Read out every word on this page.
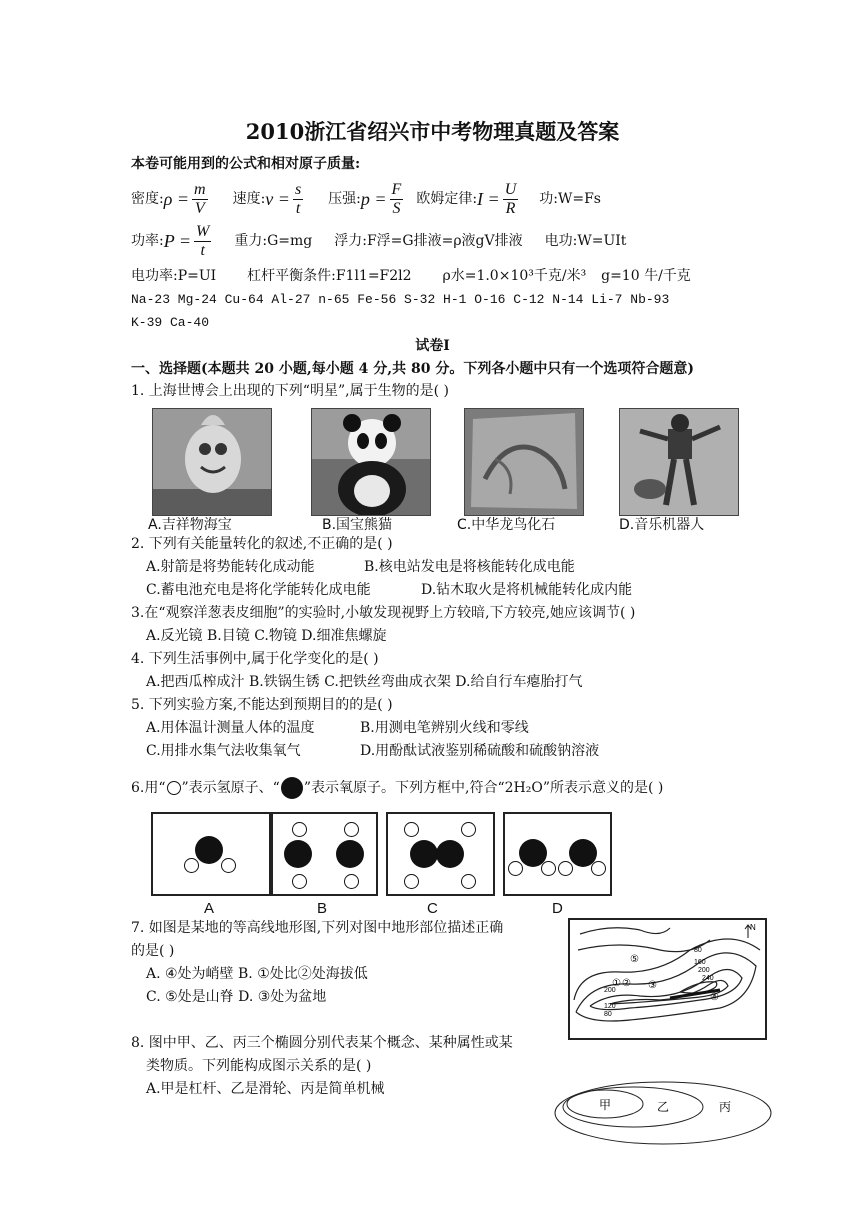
2010浙江省绍兴市中考物理真题及答案
本卷可能用到的公式和相对原子质量:
密度: $\rho = \frac{m}{V}$ 速度: $v = \frac{s}{t}$ 压强: $p = \frac{F}{S}$ 欧姆定律: $I = \frac{U}{R}$ 功:W=Fs
功率: $P = \frac{W}{t}$ 重力:G=mg 浮力:F浮=G排液=ρ液gV排液 电功:W=UIt
电功率:P=UI 杠杆平衡条件:F1l1=F2l2 ρ水=1.0×10³千克/米³ g=10 牛/千克
Na-23 Mg-24 Cu-64 Al-27 n-65 Fe-56 S-32 H-1 O-16 C-12 N-14 Li-7 Nb-93
K-39 Ca-40
试卷Ⅰ
一、选择题(本题共 20 小题,每小题 4 分,共 80 分。下列各小题中只有一个选项符合题意)
1. 上海世博会上出现的下列“明星”,属于生物的是( )
A.吉祥物海宝	B.国宝熊猫	C.中华龙鸟化石	D.音乐机器人
2. 下列有关能量转化的叙述,不正确的是( )
A.射箭是将势能转化成动能	B.核电站发电是将核能转化成电能
C.蓄电池充电是将化学能转化成电能	D.钻木取火是将机械能转化成内能
3.在“观察洋葱表皮细胞”的实验时,小敏发现视野上方较暗,下方较亮,她应该调节( )
A.反光镜 B.目镜 C.物镜 D.细准焦螺旋
4. 下列生活事例中,属于化学变化的是( )
A.把西瓜榨成汁 B.铁锅生锈 C.把铁丝弯曲成衣架 D.给自行车瘪胎打气
5. 下列实验方案,不能达到预期目的的是( )
A.用体温计测量人体的温度	B.用测电笔辨别火线和零线
C.用排水集气法收集氧气	D.用酚酞试液鉴别稀硫酸和硫酸钠溶液
6.用“ ”表示氢原子、“ ”表示氧原子。下列方框中,符合“2H₂O”所表示意义的是( )
A	B	C	D
7. 如图是某地的等高线地形图,下列对图中地形部位描述正确
的是( )
A. ④处为峭壁 B. ①处比②处海拔低
C. ⑤处是山脊 D. ③处为盆地
N
80
160
200
240
200
120
80
① ② ③
④
⑤
8. 图中甲、乙、丙三个椭圆分别代表某个概念、某种属性或某
类物质。下列能构成图示关系的是( )
A.甲是杠杆、乙是滑轮、丙是简单机械
甲	乙	丙
